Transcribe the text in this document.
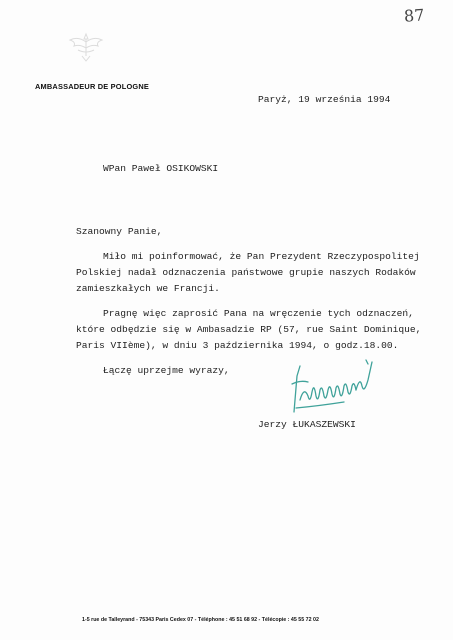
87
AMBASSADEUR DE POLOGNE
Paryż, 19 września 1994
WPan Paweł OSIKOWSKI
Szanowny Panie,
Miło mi poinformować, że Pan Prezydent Rzeczypospolitej
Polskiej nadał odznaczenia państwowe grupie naszych Rodaków
zamieszkałych we Francji.
Pragnę więc zaprosić Pana na wręczenie tych odznaczeń,
które odbędzie się w Ambasadzie RP (57, rue Saint Dominique,
Paris VIIème), w dniu 3 października 1994, o godz.18.00.
Łączę uprzejme wyrazy,
Jerzy ŁUKASZEWSKI
1-5 rue de Talleyrand - 75343 Paris Cedex 07 - Téléphone : 45 51 68 92 - Télécopie : 45 55 72 02
